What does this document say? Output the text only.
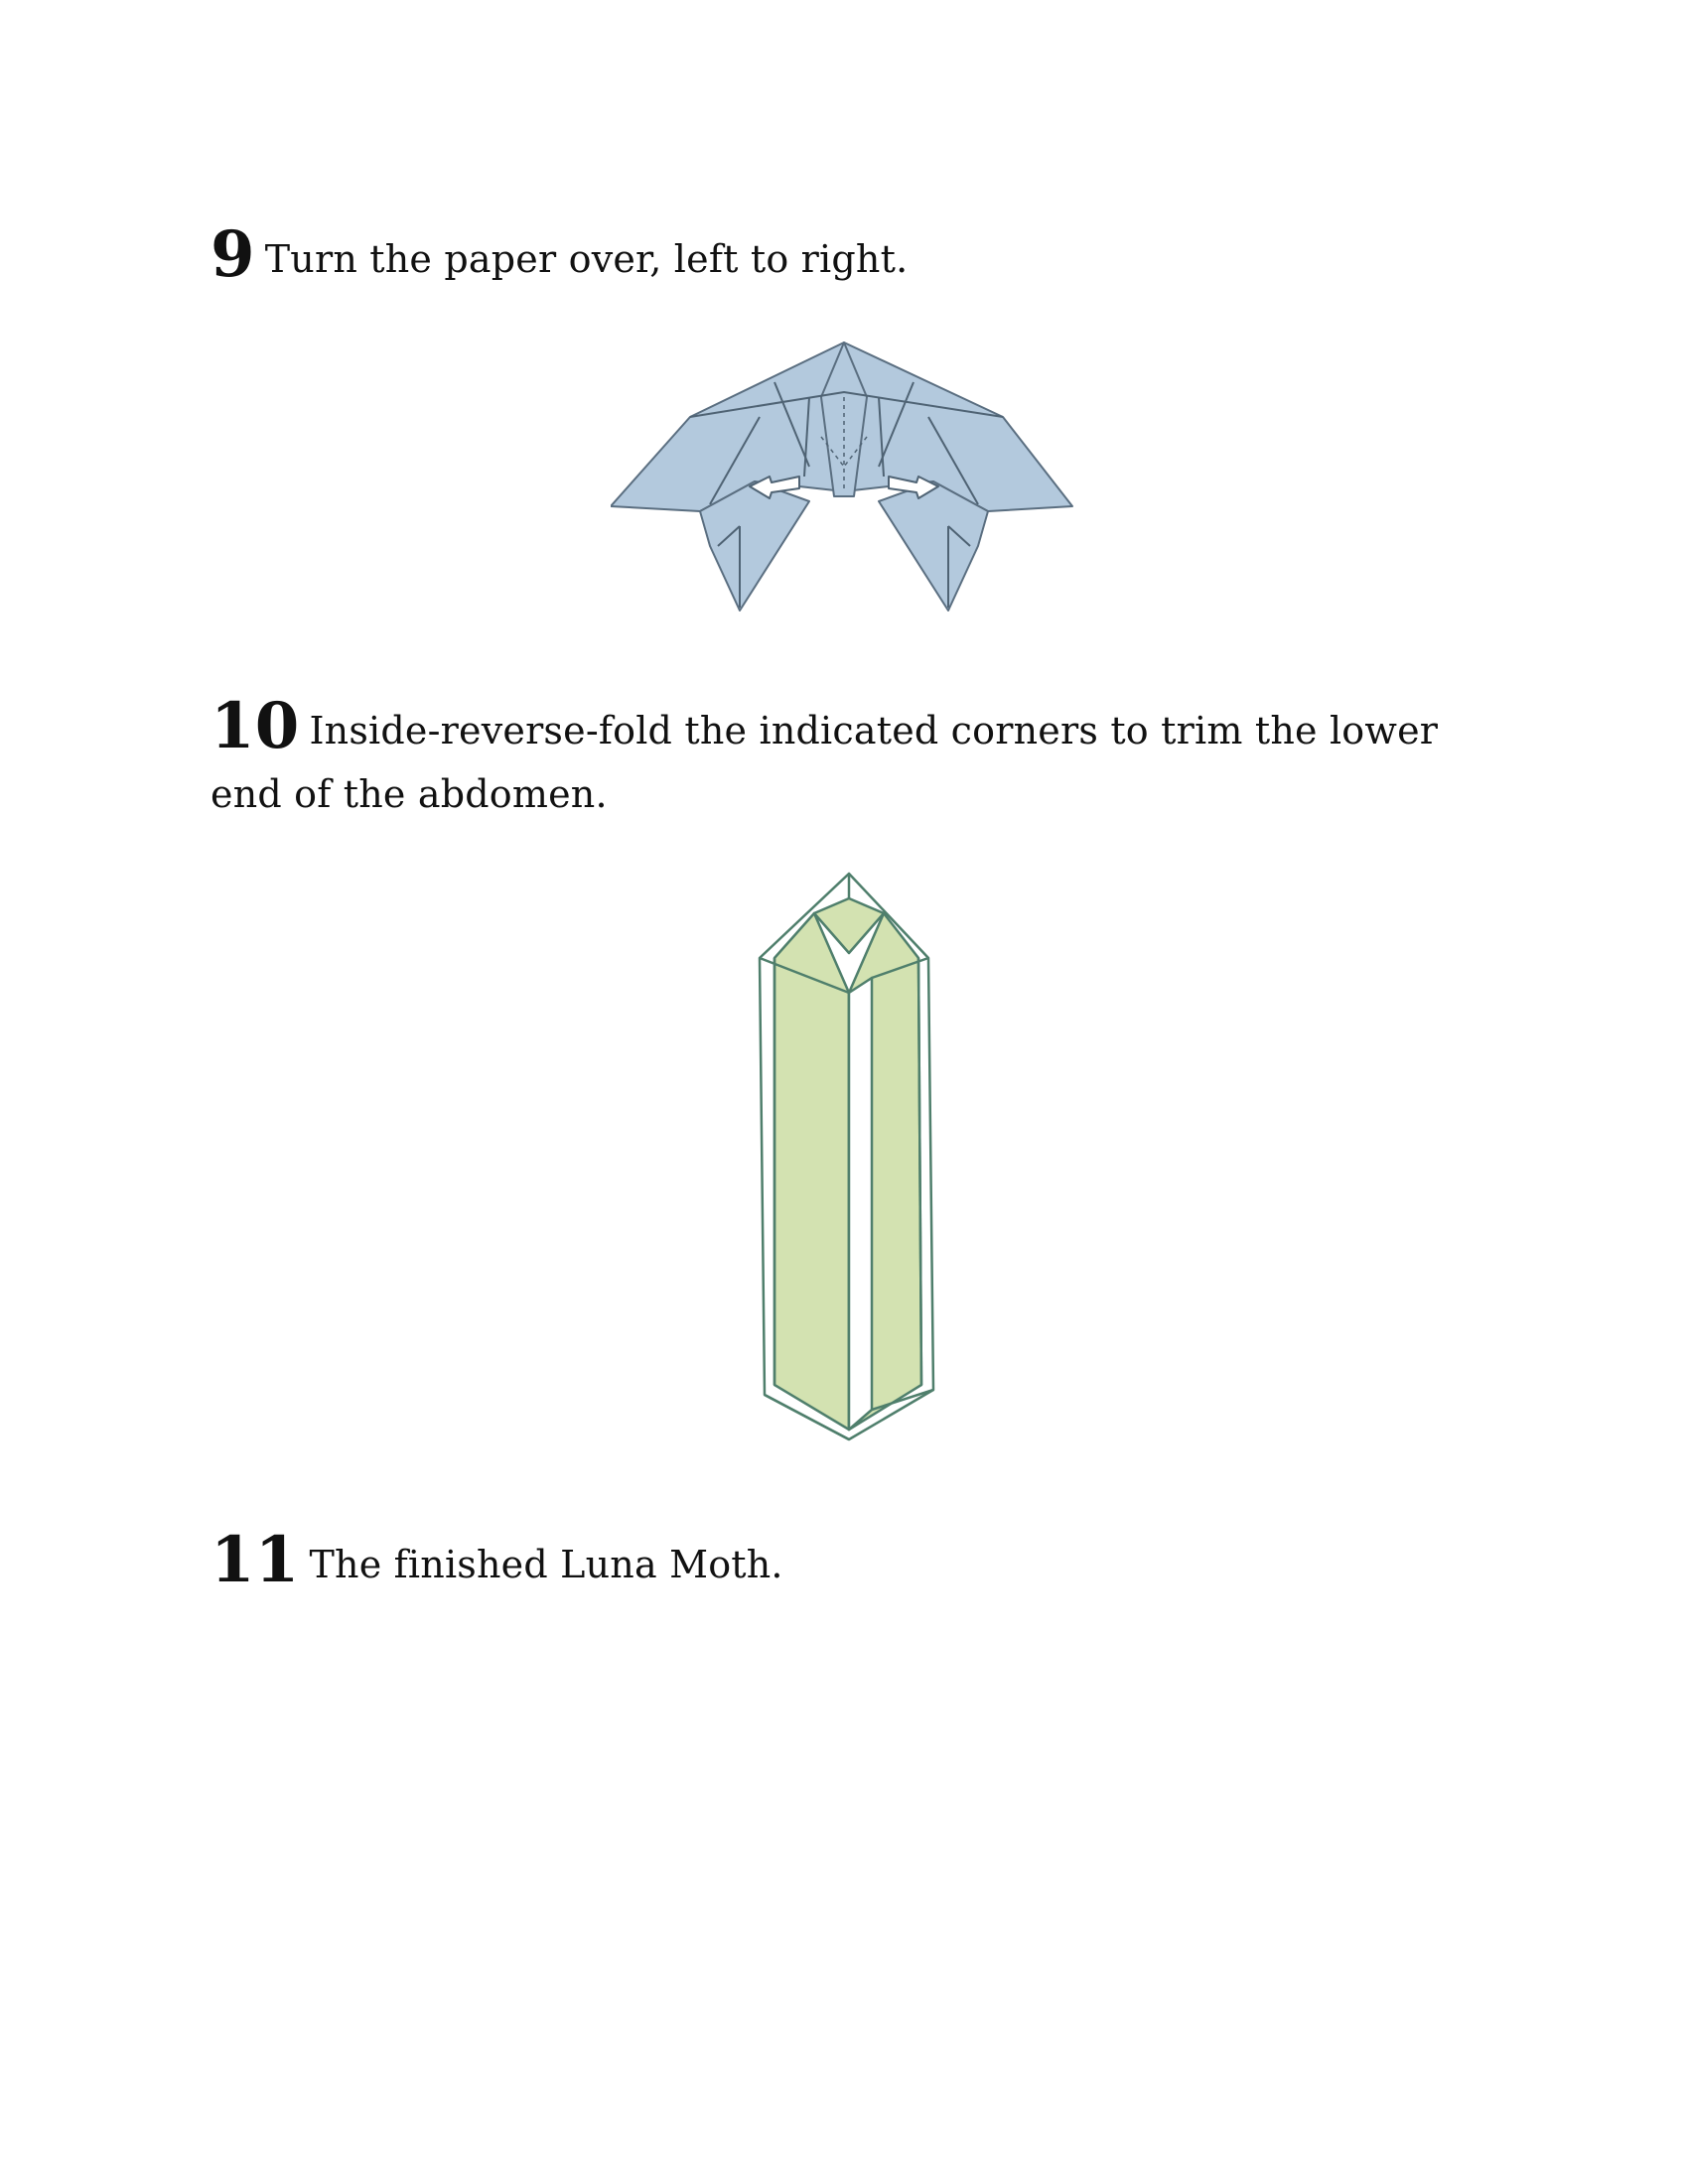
9 Turn the paper over, left to right.
10 Inside-reverse-fold the indicated corners to trim the lower end of the abdomen.
11 The finished Luna Moth.
